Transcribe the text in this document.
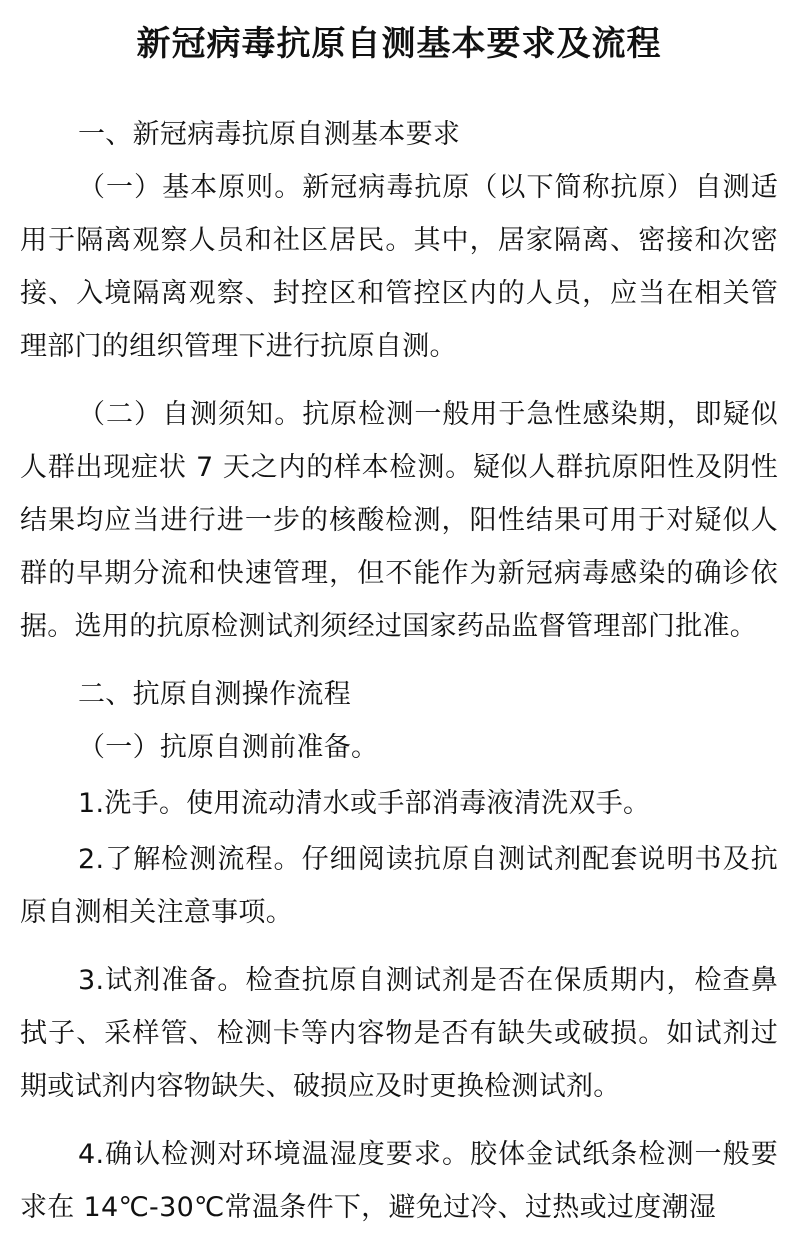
新冠病毒抗原自测基本要求及流程

一、新冠病毒抗原自测基本要求

（一）基本原则。新冠病毒抗原（以下简称抗原）自测适用于隔离观察人员和社区居民。其中，居家隔离、密接和次密接、入境隔离观察、封控区和管控区内的人员，应当在相关管理部门的组织管理下进行抗原自测。

（二）自测须知。抗原检测一般用于急性感染期，即疑似人群出现症状 7 天之内的样本检测。疑似人群抗原阳性及阴性结果均应当进行进一步的核酸检测，阳性结果可用于对疑似人群的早期分流和快速管理，但不能作为新冠病毒感染的确诊依据。选用的抗原检测试剂须经过国家药品监督管理部门批准。

二、抗原自测操作流程

（一）抗原自测前准备。

1.洗手。使用流动清水或手部消毒液清洗双手。

2.了解检测流程。仔细阅读抗原自测试剂配套说明书及抗原自测相关注意事项。

3.试剂准备。检查抗原自测试剂是否在保质期内，检查鼻拭子、采样管、检测卡等内容物是否有缺失或破损。如试剂过期或试剂内容物缺失、破损应及时更换检测试剂。

4.确认检测对环境温湿度要求。胶体金试纸条检测一般要求在 14℃-30℃常温条件下，避免过冷、过热或过度潮湿
